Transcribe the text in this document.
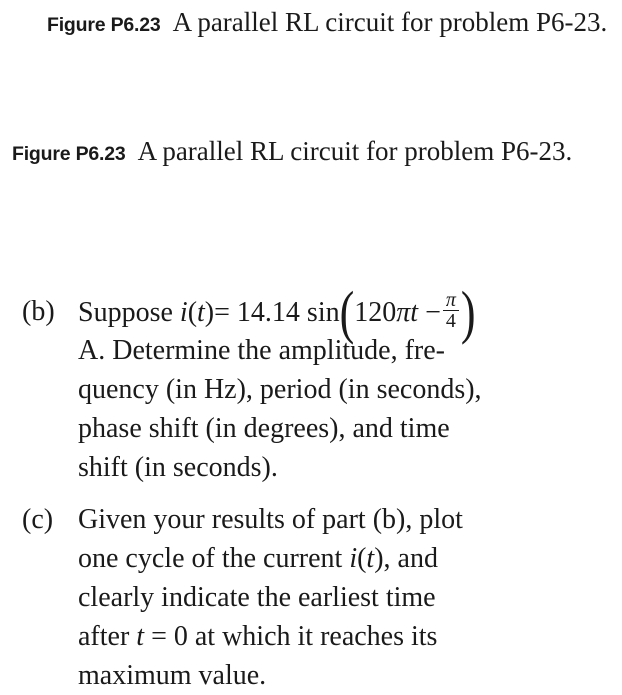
Figure P6.23 A parallel RL circuit for problem P6-23.

Figure P6.23 A parallel RL circuit for problem P6-23.

(b) Suppose
i ( t ) = 14.14 sin ( 120 π t
− $\frac{\pi}{4}$ )
A. Determine the amplitude, fre-
quency (in Hz), period (in seconds),
phase shift (in degrees), and time
shift (in seconds).
(c) Given your results of part (b), plot
one cycle of the current i(t), and
clearly indicate the earliest time
after t = 0 at which it reaches its
maximum value.
